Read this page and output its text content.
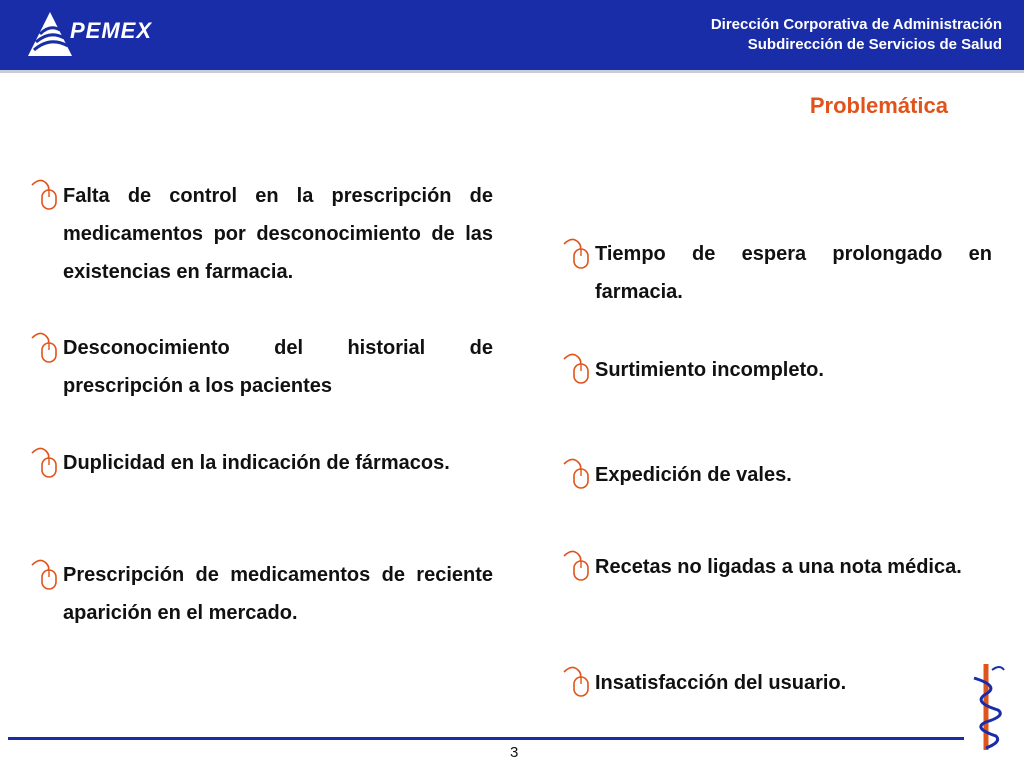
PEMEX	Dirección Corporativa de Administración
Subdirección de Servicios de Salud
Problemática
Falta de control en la prescripción de medicamentos por desconocimiento de las existencias en farmacia.
Desconocimiento del historial de prescripción a los pacientes
Duplicidad en la indicación de fármacos.
Prescripción de medicamentos de reciente aparición en el mercado.
Tiempo de espera prolongado en farmacia.
Surtimiento incompleto.
Expedición de vales.
Recetas no ligadas a una nota médica.
Insatisfacción del usuario.
3
